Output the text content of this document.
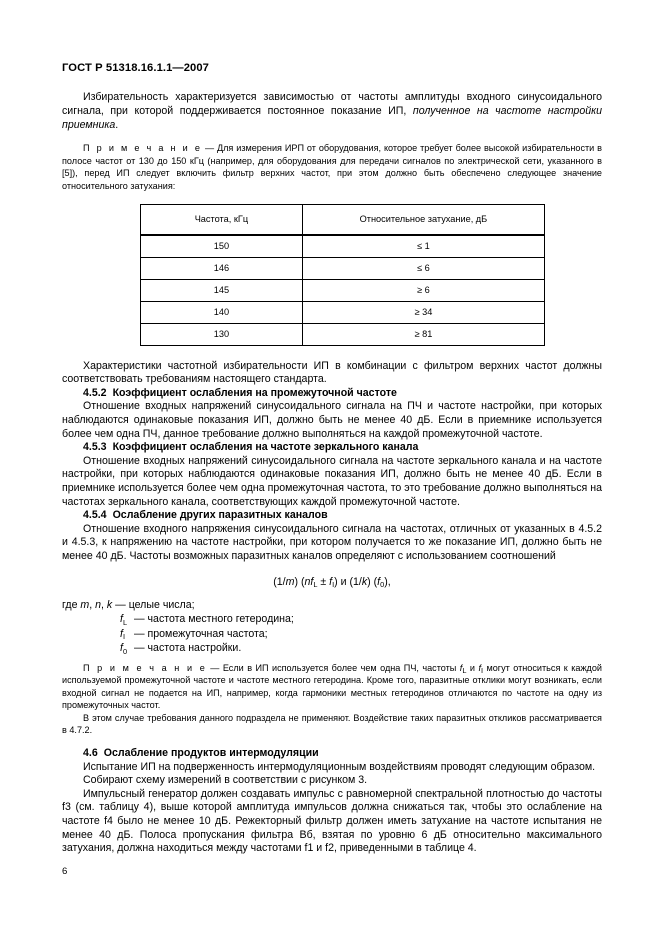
ГОСТ Р 51318.16.1.1—2007

Избирательность характеризуется зависимостью от частоты амплитуды входного синусоидального сигнала, при которой поддерживается постоянное показание ИП, полученное на частоте настройки приемника.

П р и м е ч а н и е — Для измерения ИРП от оборудования, которое требует более высокой избирательности в полосе частот от 130 до 150 кГц (например, для оборудования для передачи сигналов по электрической сети, указанного в [5]), перед ИП следует включить фильтр верхних частот, при этом должно быть обеспечено следующее значение относительного затухания:

Частота, кГц	Относительное затухание, дБ
150	≤ 1
146	≤ 6
145	≥ 6
140	≥ 34
130	≥ 81

Характеристики частотной избирательности ИП в комбинации с фильтром верхних частот должны соответствовать требованиям настоящего стандарта.

4.5.2 Коэффициент ослабления на промежуточной частоте

Отношение входных напряжений синусоидального сигнала на ПЧ и частоте настройки, при которых наблюдаются одинаковые показания ИП, должно быть не менее 40 дБ. Если в приемнике используется более чем одна ПЧ, данное требование должно выполняться на каждой промежуточной частоте.

4.5.3 Коэффициент ослабления на частоте зеркального канала

Отношение входных напряжений синусоидального сигнала на частоте зеркального канала и на частоте настройки, при которых наблюдаются одинаковые показания ИП, должно быть не менее 40 дБ. Если в приемнике используется более чем одна промежуточная частота, то это требование должно выполняться на частотах зеркального канала, соответствующих каждой промежуточной частоте.

4.5.4 Ослабление других паразитных каналов

Отношение входного напряжения синусоидального сигнала на частотах, отличных от указанных в 4.5.2 и 4.5.3, к напряжению на частоте настройки, при котором получается то же показание ИП, должно быть не менее 40 дБ. Частоты возможных паразитных каналов определяют с использованием соотношений

(1/m) $(nf_L \pm f_I)$ и (1/k) $(f_0)$,
где m, n, k — целые числа;
$f_L$ — частота местного гетеродина;
$f_I$ — промежуточная частота;
$f_0$ — частота настройки.

П р и м е ч а н и е — Если в ИП используется более чем одна ПЧ, частоты $f_L$ и $f_I$ могут относиться к каждой используемой промежуточной частоте и частоте местного гетеродина. Кроме того, паразитные отклики могут возникать, если входной сигнал не подается на ИП, например, когда гармоники местных гетеродинов отличаются по частоте на одну из промежуточных частот.

В этом случае требования данного подраздела не применяют. Воздействие таких паразитных откликов рассматривается в 4.7.2.

4.6 Ослабление продуктов интермодуляции

Испытание ИП на подверженность интермодуляционным воздействиям проводят следующим образом.

Собирают схему измерений в соответствии с рисунком 3.

Импульсный генератор должен создавать импульс с равномерной спектральной плотностью до частоты f3 (см. таблицу 4), выше которой амплитуда импульсов должна снижаться так, чтобы это ослабление на частоте f4 было не менее 10 дБ. Режекторный фильтр должен иметь затухание на частоте испытания не менее 40 дБ. Полоса пропускания фильтра Bб, взятая по уровню 6 дБ относительно максимального затухания, должна находиться между частотами f1 и f2, приведенными в таблице 4.

6
